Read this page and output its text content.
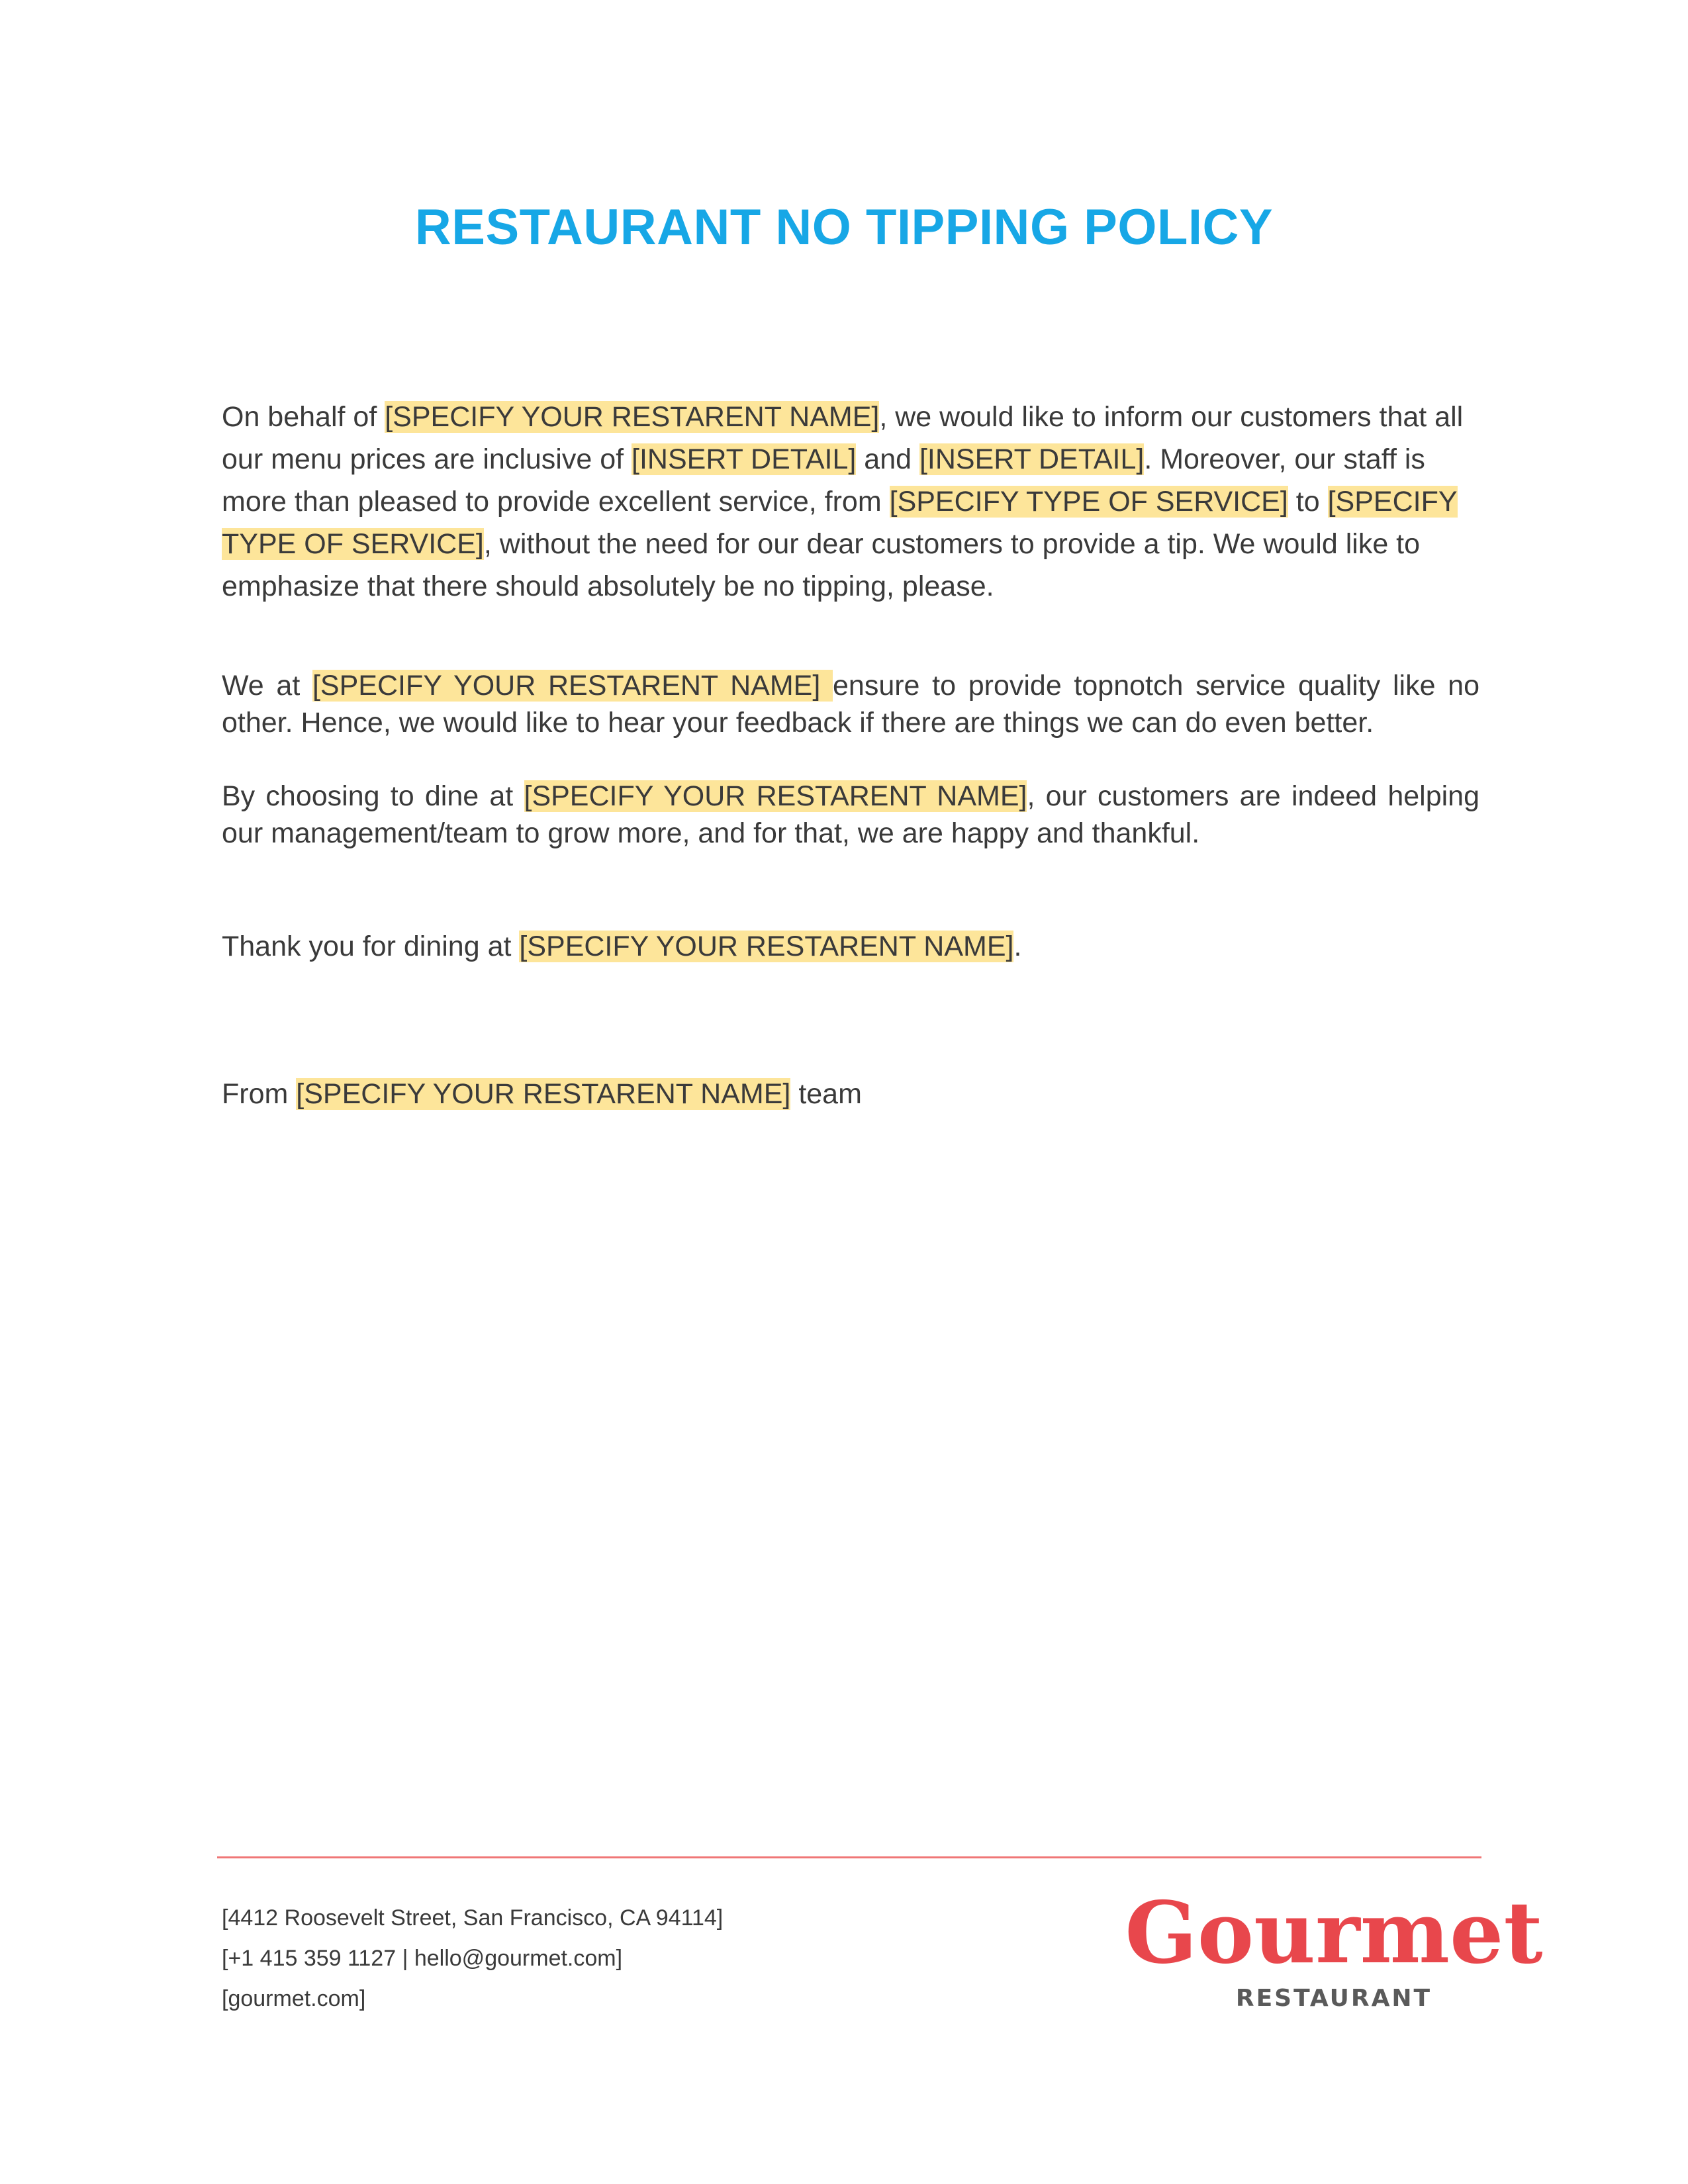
RESTAURANT NO TIPPING POLICY

On behalf of [SPECIFY YOUR RESTARENT NAME], we would like to inform our customers that all our menu prices are inclusive of [INSERT DETAIL] and [INSERT DETAIL]. Moreover, our staff is more than pleased to provide excellent service, from [SPECIFY TYPE OF SERVICE] to [SPECIFY TYPE OF SERVICE], without the need for our dear customers to provide a tip. We would like to emphasize that there should absolutely be no tipping, please.

We at [SPECIFY YOUR RESTARENT NAME] ensure to provide topnotch service quality like no other. Hence, we would like to hear your feedback if there are things we can do even better.

By choosing to dine at [SPECIFY YOUR RESTARENT NAME], our customers are indeed helping our management/team to grow more, and for that, we are happy and thankful.

Thank you for dining at [SPECIFY YOUR RESTARENT NAME].

From [SPECIFY YOUR RESTARENT NAME] team

[4412 Roosevelt Street, San Francisco, CA 94114]
[+1 415 359 1127 | hello@gourmet.com]
[gourmet.com]
Gourmet
RESTAURANT
